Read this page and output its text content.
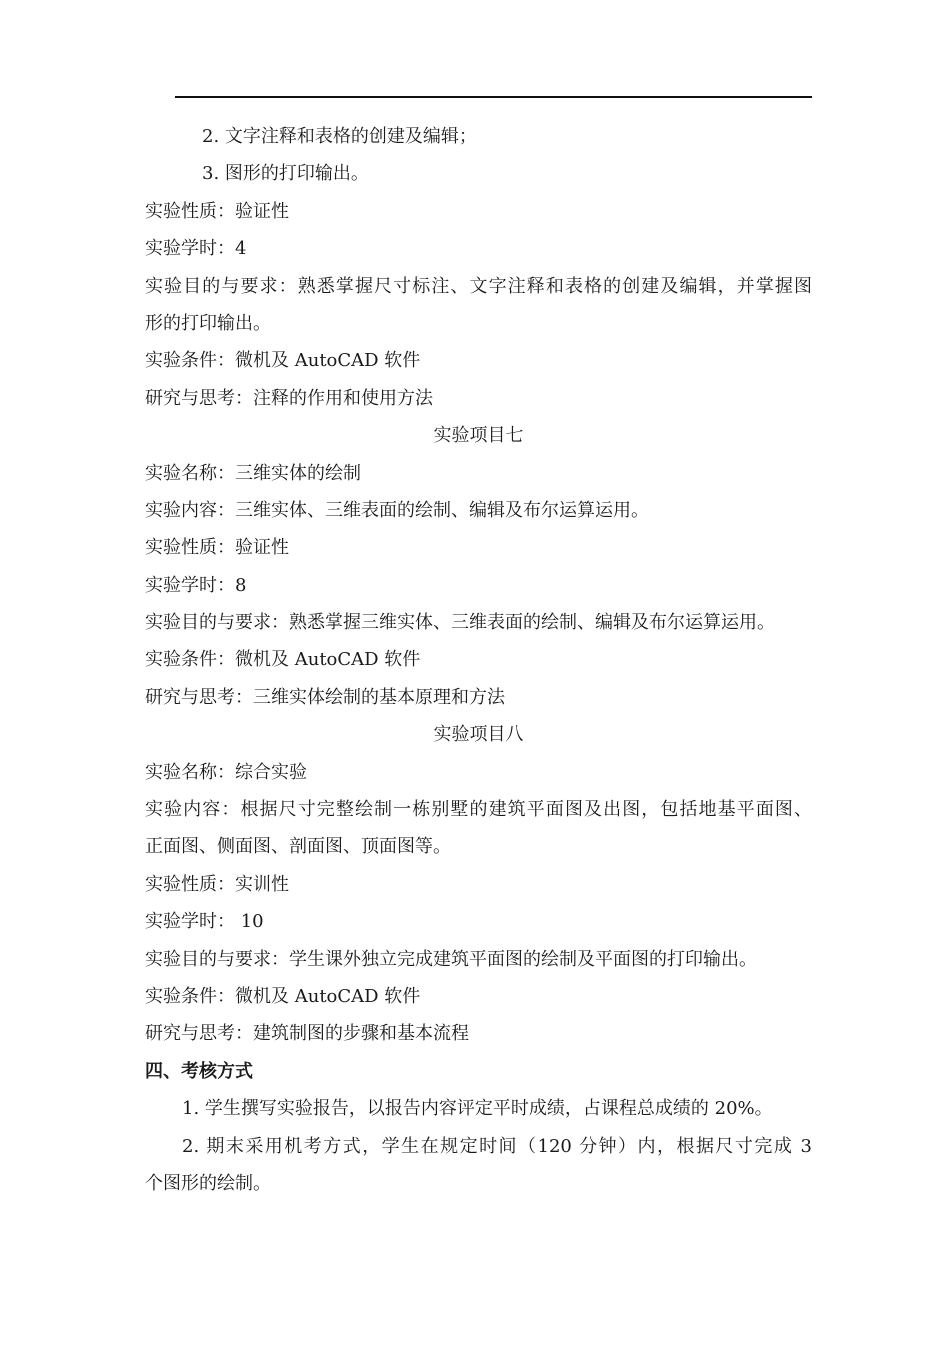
2. 文字注释和表格的创建及编辑；
3. 图形的打印输出。
实验性质：验证性
实验学时：4
实验目的与要求：熟悉掌握尺寸标注、文字注释和表格的创建及编辑，并掌握图
形的打印输出。
实验条件：微机及 AutoCAD 软件
研究与思考：注释的作用和使用方法
实验项目七
实验名称：三维实体的绘制
实验内容：三维实体、三维表面的绘制、编辑及布尔运算运用。
实验性质：验证性
实验学时：8
实验目的与要求：熟悉掌握三维实体、三维表面的绘制、编辑及布尔运算运用。
实验条件：微机及 AutoCAD 软件
研究与思考：三维实体绘制的基本原理和方法
实验项目八
实验名称：综合实验
实验内容：根据尺寸完整绘制一栋别墅的建筑平面图及出图，包括地基平面图、
正面图、侧面图、剖面图、顶面图等。
实验性质：实训性
实验学时： 10
实验目的与要求：学生课外独立完成建筑平面图的绘制及平面图的打印输出。
实验条件：微机及 AutoCAD 软件
研究与思考：建筑制图的步骤和基本流程
四、考核方式
1. 学生撰写实验报告，以报告内容评定平时成绩，占课程总成绩的 20%。
2. 期末采用机考方式，学生在规定时间（120 分钟）内，根据尺寸完成 3
个图形的绘制。
